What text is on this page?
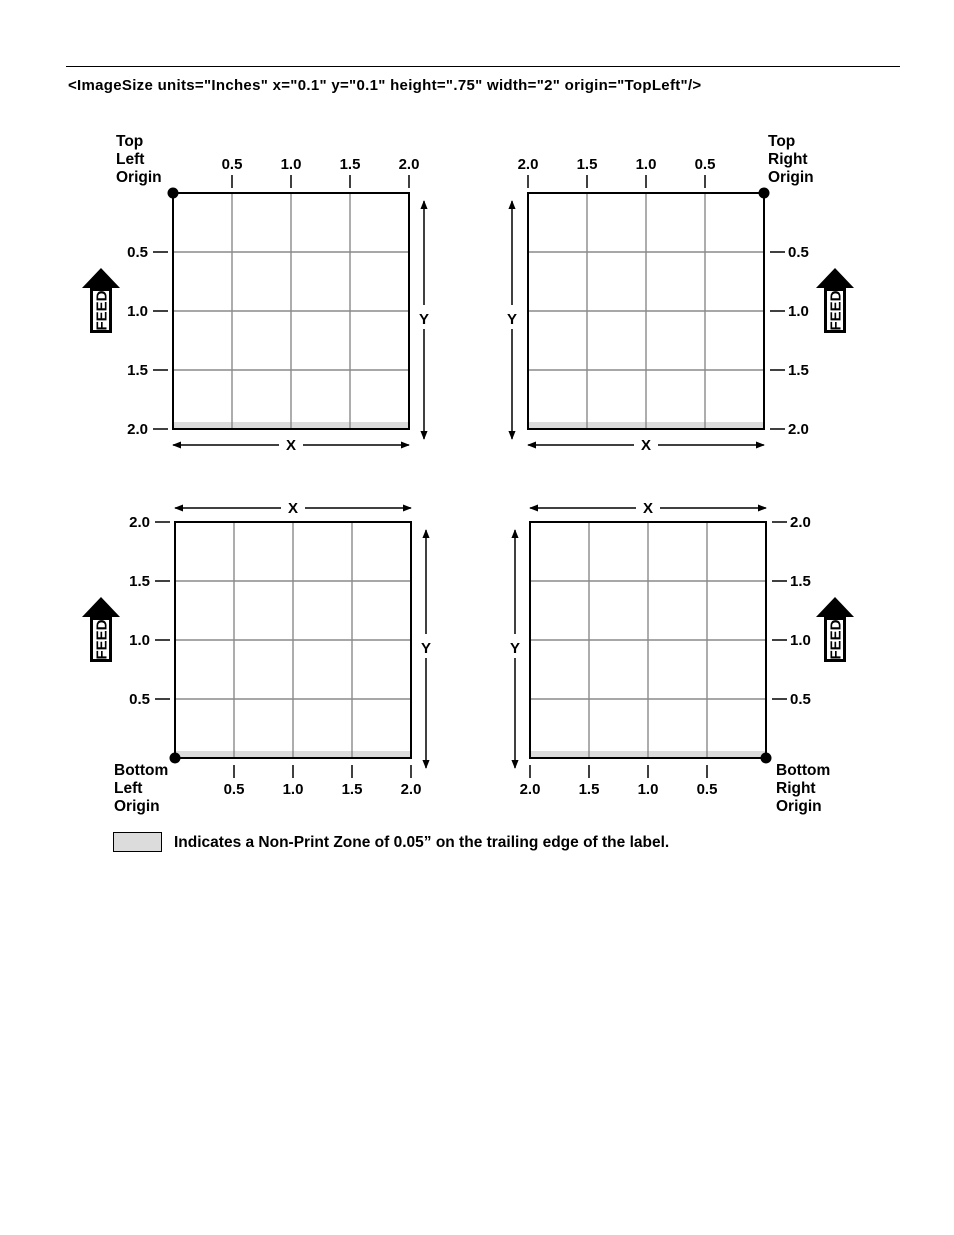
<ImageSize units="Inches" x="0.1" y="0.1" height=".75" width="2" origin="TopLeft"/>
0.5	1.0	1.5	2.0
0.5
1.0
1.5
2.0
X
Y
Top
Left
Origin
FEED
2.0	1.5	1.0	0.5
0.5
1.0
1.5
2.0
X
Y
Top
Right
Origin
FEED
0.5	1.0	1.5	2.0
2.0
1.5
1.0
0.5
X
Y
Bottom
Left
Origin
FEED
2.0	1.5	1.0	0.5
2.0
1.5
1.0
0.5
X
Y
Bottom
Right
Origin
FEED
Indicates a Non-Print Zone of 0.05” on the trailing edge of the label.
